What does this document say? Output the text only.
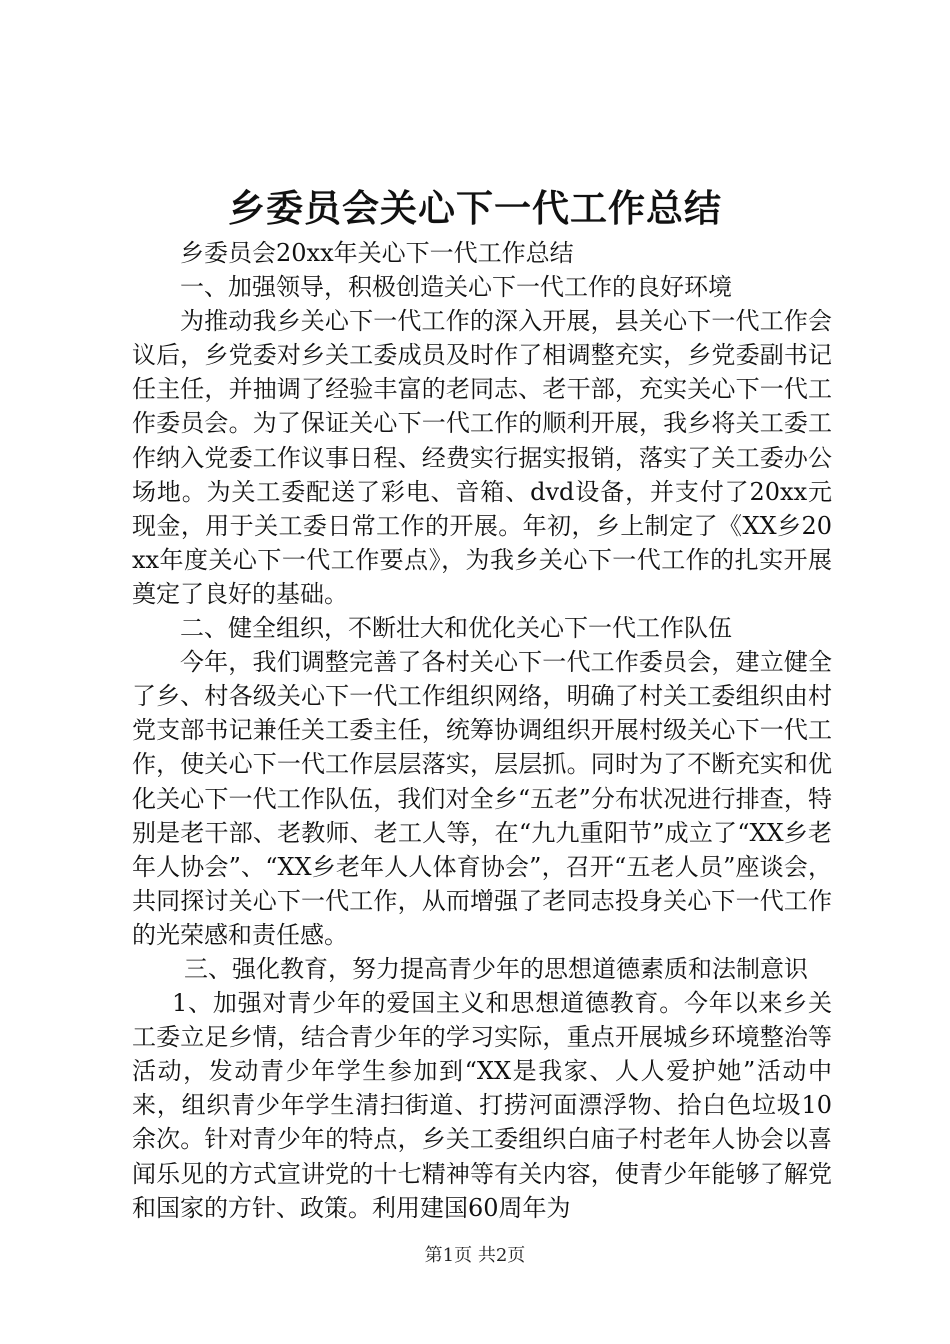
乡委员会关心下一代工作总结

乡委员会20xx年关心下一代工作总结

一、加强领导，积极创造关心下一代工作的良好环境

为推动我乡关心下一代工作的深入开展，县关心下一代工作会议后，乡党委对乡关工委成员及时作了相调整充实，乡党委副书记任主任，并抽调了经验丰富的老同志、老干部，充实关心下一代工作委员会。为了保证关心下一代工作的顺利开展，我乡将关工委工作纳入党委工作议事日程、经费实行据实报销，落实了关工委办公场地。为关工委配送了彩电、音箱、dvd设备，并支付了20xx元现金，用于关工委日常工作的开展。年初，乡上制定了《XX乡20xx年度关心下一代工作要点》，为我乡关心下一代工作的扎实开展奠定了良好的基础。

二、健全组织，不断壮大和优化关心下一代工作队伍

今年，我们调整完善了各村关心下一代工作委员会，建立健全了乡、村各级关心下一代工作组织网络，明确了村关工委组织由村党支部书记兼任关工委主任，统筹协调组织开展村级关心下一代工作，使关心下一代工作层层落实，层层抓。同时为了不断充实和优化关心下一代工作队伍，我们对全乡“五老”分布状况进行排查，特别是老干部、老教师、老工人等，在“九九重阳节”成立了“XX乡老年人协会”、“XX乡老年人人体育协会”，召开“五老人员”座谈会，共同探讨关心下一代工作，从而增强了老同志投身关心下一代工作的光荣感和责任感。

三、强化教育，努力提高青少年的思想道德素质和法制意识

1、加强对青少年的爱国主义和思想道德教育。今年以来乡关工委立足乡情，结合青少年的学习实际，重点开展城乡环境整治等活动，发动青少年学生参加到“XX是我家、人人爱护她”活动中来，组织青少年学生清扫街道、打捞河面漂浮物、拾白色垃圾10余次。针对青少年的特点，乡关工委组织白庙子村老年人协会以喜闻乐见的方式宣讲党的十七精神等有关内容，使青少年能够了解党和国家的方针、政策。利用建国60周年为

第1页 共2页
